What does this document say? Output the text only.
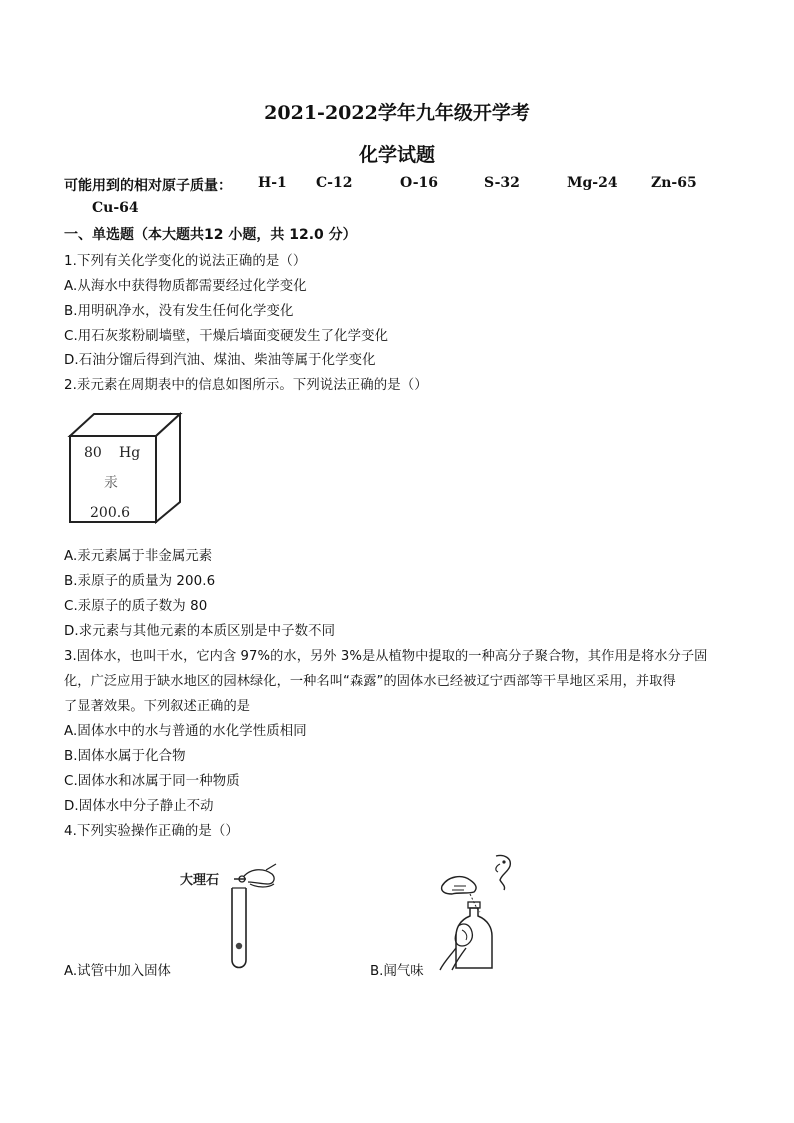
2021-2022学年九年级开学考
化学试题
可能用到的相对原子质量： H-1 C-12	O-16	S-32	Mg-24 Zn-65
Cu-64
一、单选题（本大题共12 小题，共 12.0 分）
1.下列有关化学变化的说法正确的是（）
A.从海水中获得物质都需要经过化学变化
B.用明矾净水，没有发生任何化学变化
C.用石灰浆粉刷墙壁，干燥后墙面变硬发生了化学变化
D.石油分馏后得到汽油、煤油、柴油等属于化学变化
2.汞元素在周期表中的信息如图所示。下列说法正确的是（）
80 Hg
汞
200.6
A.汞元素属于非金属元素
B.汞原子的质量为 200.6
C.汞原子的质子数为 80
D.求元素与其他元素的本质区别是中子数不同
3.固体水，也叫干水，它内含 97%的水，另外 3%是从植物中提取的一种高分子聚合物，其作用是将水分子固
化，广泛应用于缺水地区的园林绿化，一种名叫“森露”的固体水已经被辽宁西部等干旱地区采用，并取得
了显著效果。下列叙述正确的是
A.固体水中的水与普通的水化学性质相同
B.固体水属于化合物
C.固体水和冰属于同一种物质
D.固体水中分子静止不动
4.下列实验操作正确的是（）
大理石
A.试管中加入固体	B.闻气味
